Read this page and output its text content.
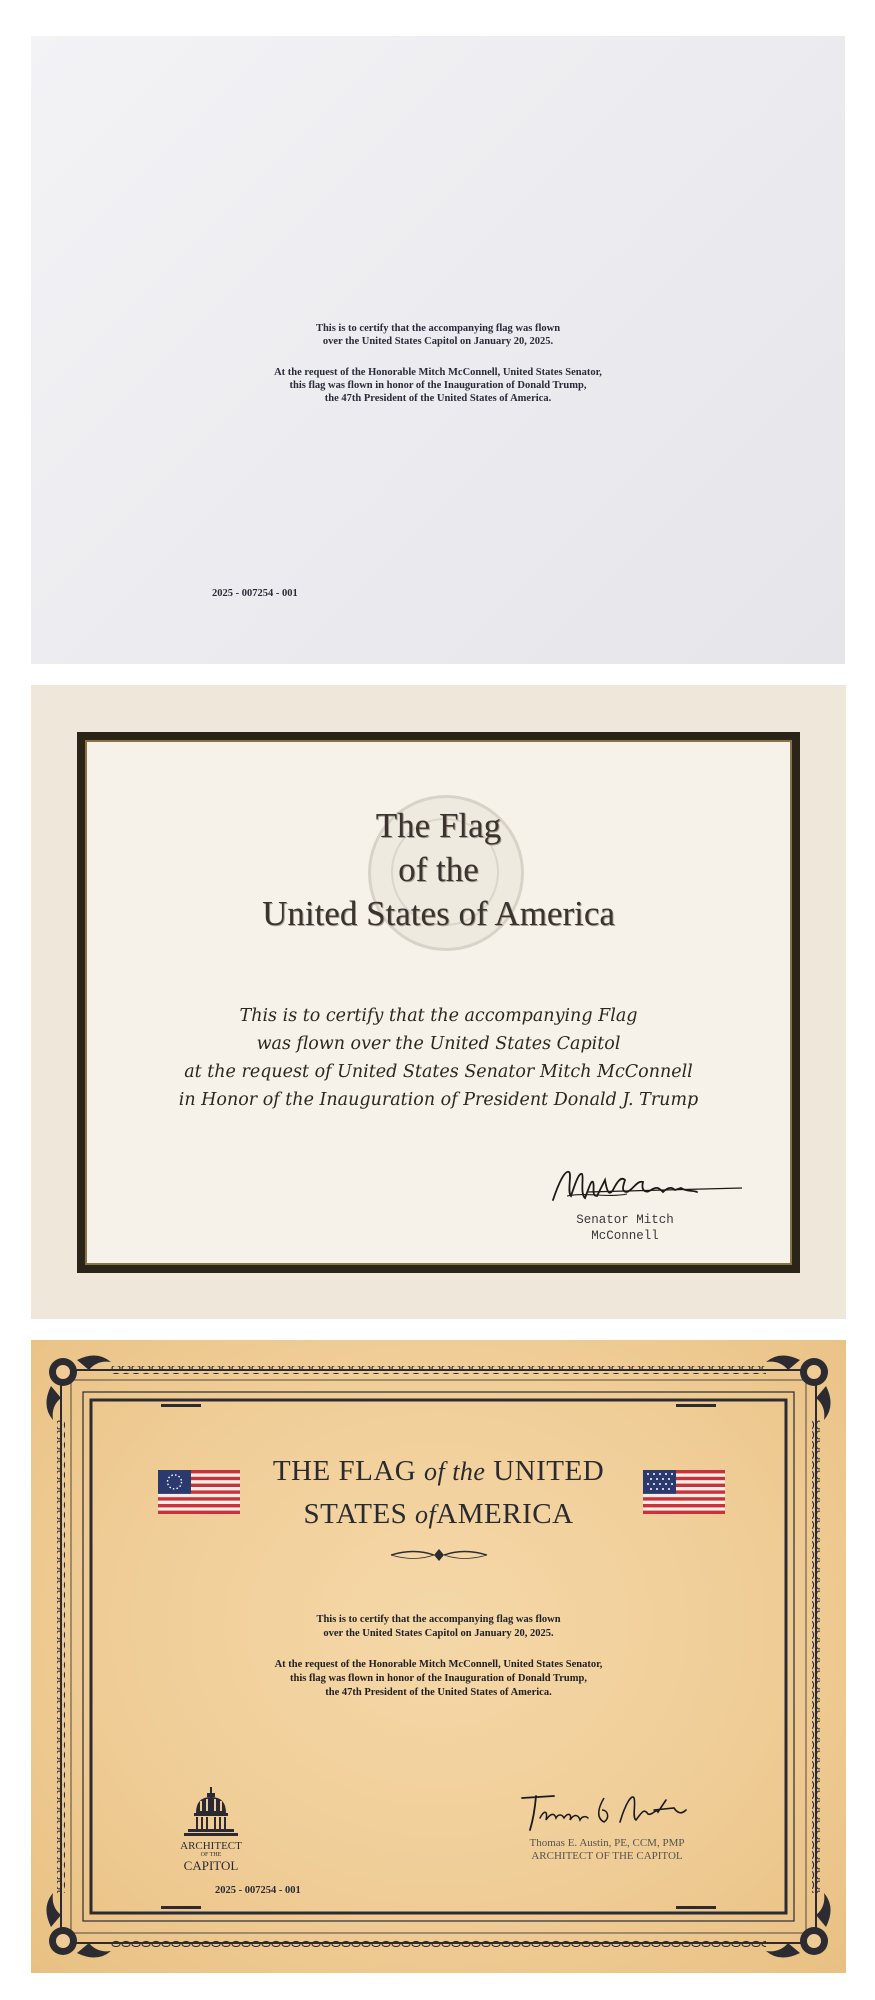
This is to certify that the accompanying flag was flown
over the United States Capitol on January 20, 2025.
At the request of the Honorable Mitch McConnell, United States Senator,
this flag was flown in honor of the Inauguration of Donald Trump,
the 47th President of the United States of America.
2025 - 007254 - 001
The Flag
of the
United States of America
This is to certify that the accompanying Flag
was flown over the United States Capitol
at the request of United States Senator Mitch McConnell
in Honor of the Inauguration of President Donald J. Trump
Senator Mitch
McConnell
THE FLAG of the UNITED
STATES ofAMERICA
This is to certify that the accompanying flag was flown
over the United States Capitol on January 20, 2025.
At the request of the Honorable Mitch McConnell, United States Senator,
this flag was flown in honor of the Inauguration of Donald Trump,
the 47th President of the United States of America.
ARCHITECT
OF THE
CAPITOL
Thomas E. Austin, PE, CCM, PMP
ARCHITECT OF THE CAPITOL
2025 - 007254 - 001
